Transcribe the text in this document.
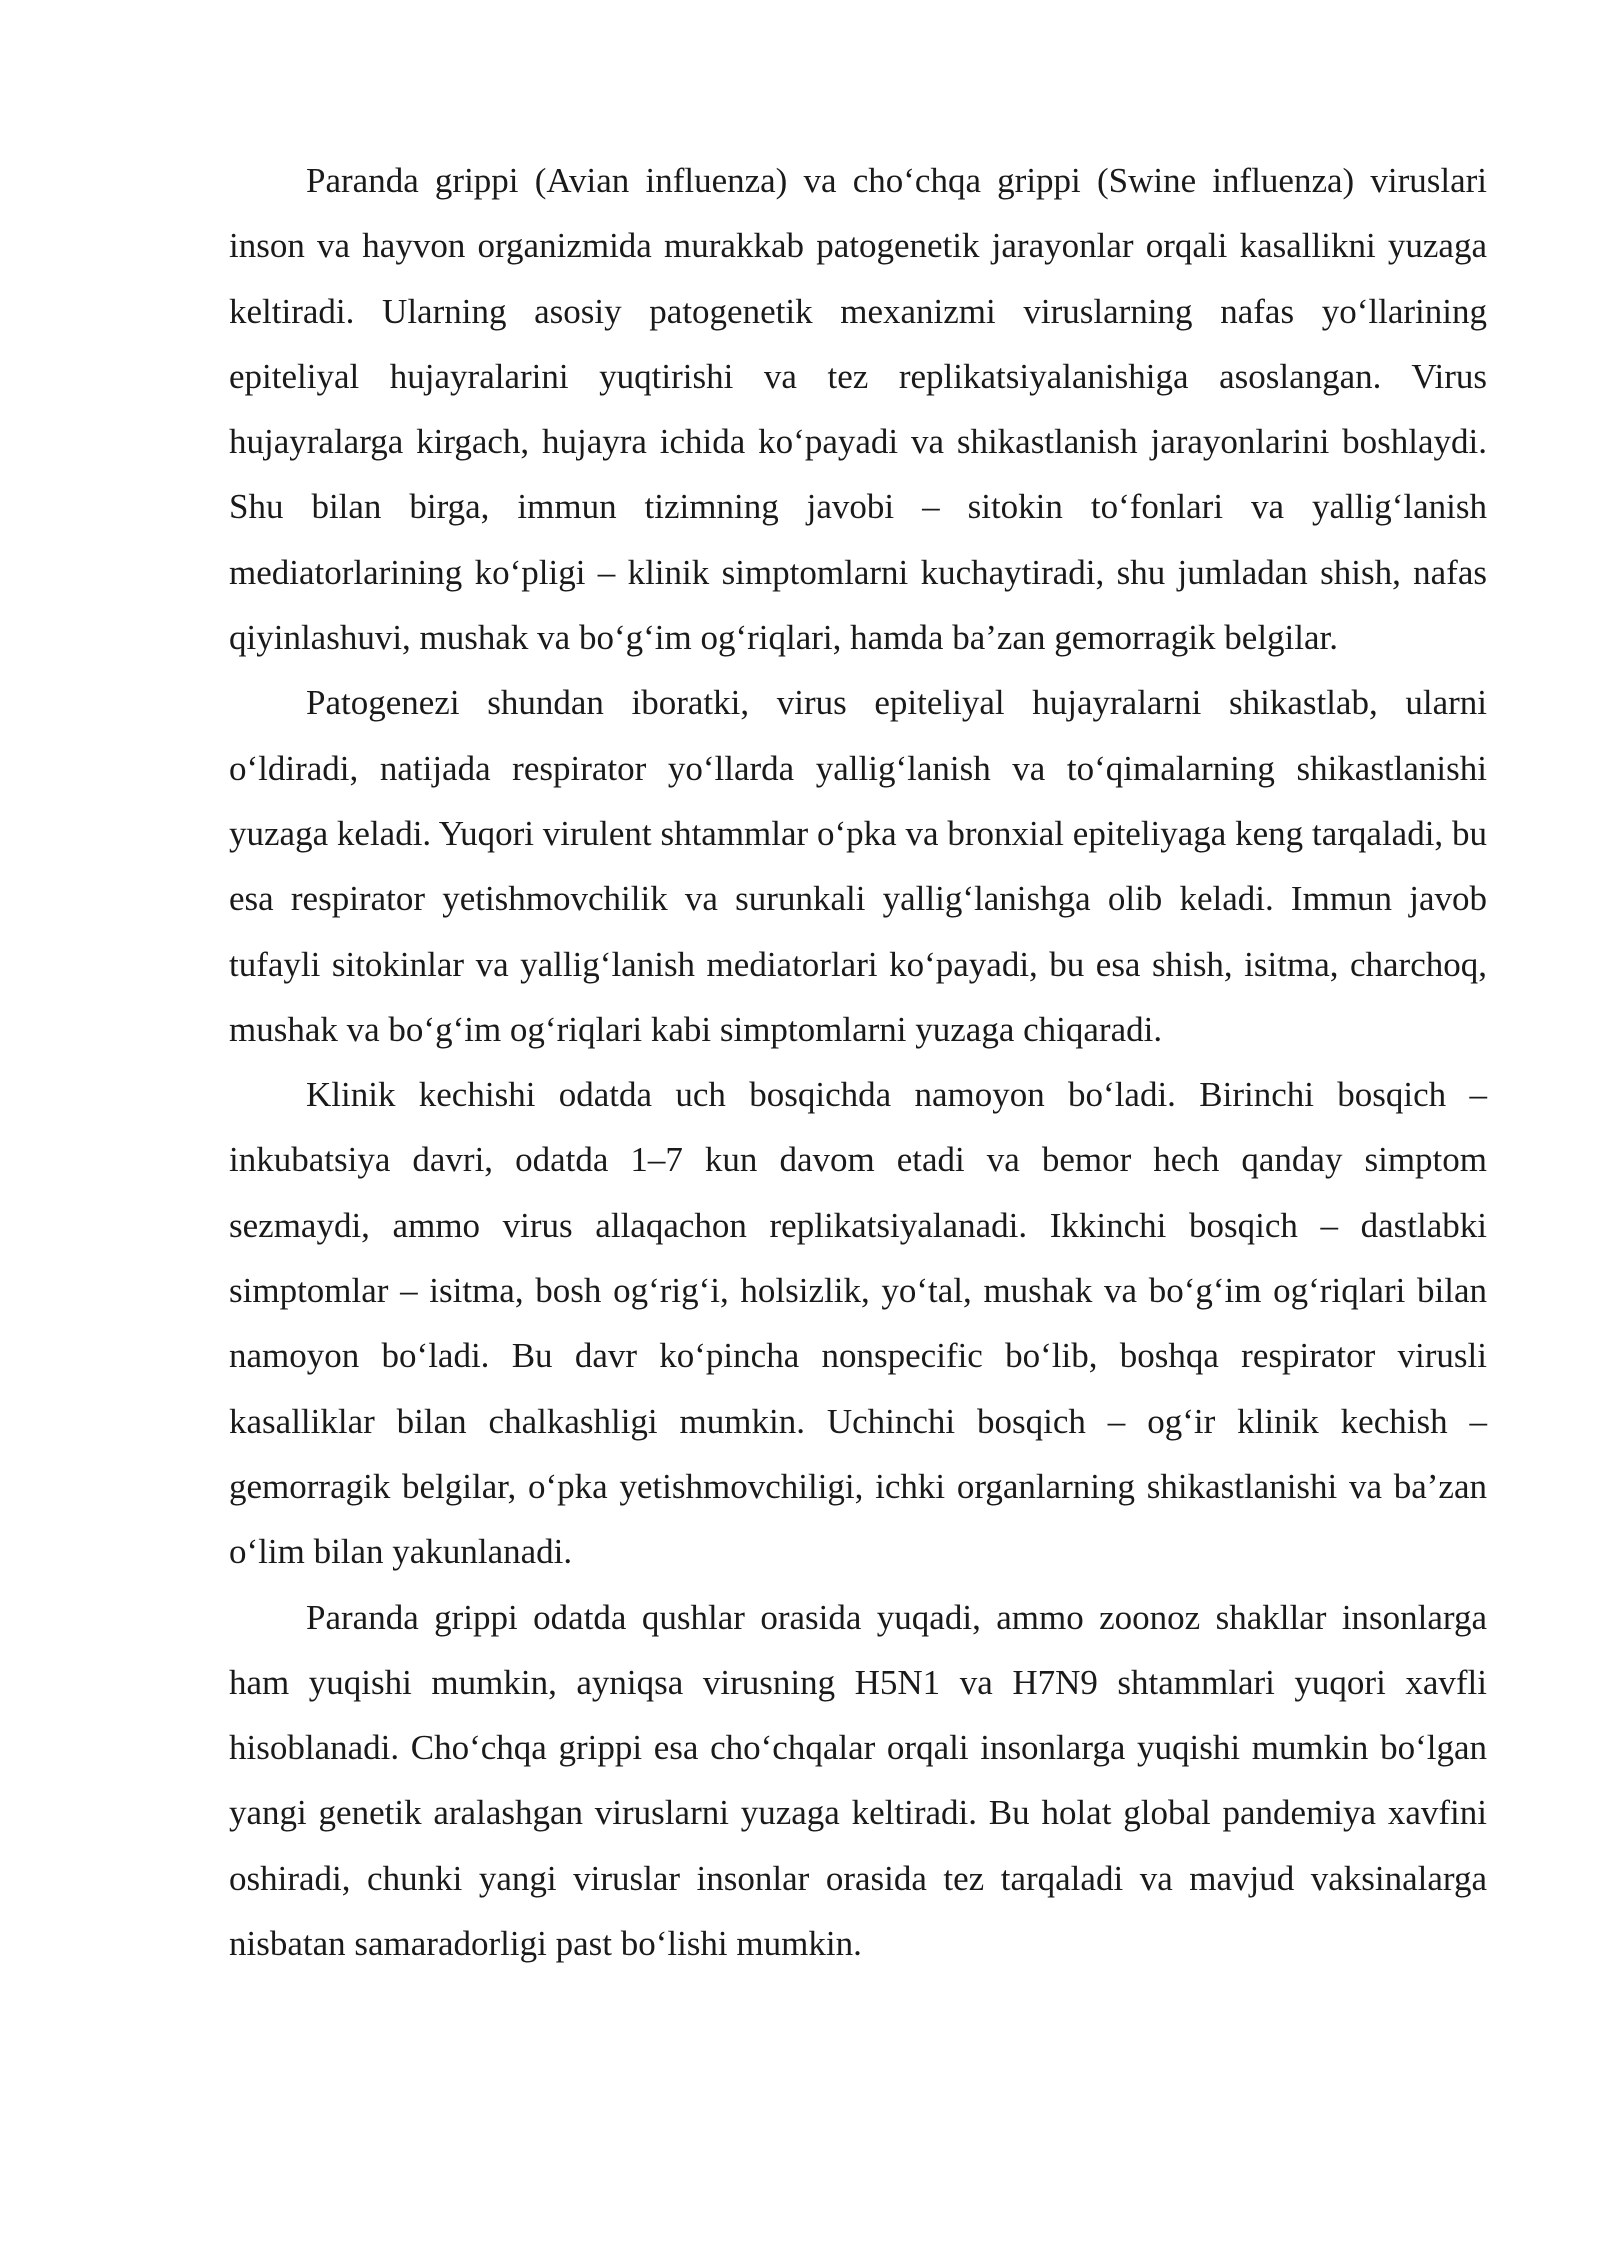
Paranda grippi (Avian influenza) va cho‘chqa grippi (Swine influenza) viruslari inson va hayvon organizmida murakkab patogenetik jarayonlar orqali kasallikni yuzaga keltiradi. Ularning asosiy patogenetik mexanizmi viruslarning nafas yo‘llarining epiteliyal hujayralarini yuqtirishi va tez replikatsiyalanishiga asoslangan. Virus hujayralarga kirgach, hujayra ichida ko‘payadi va shikastlanish jarayonlarini boshlaydi. Shu bilan birga, immun tizimning javobi – sitokin to‘fonlari va yallig‘lanish mediatorlarining ko‘pligi – klinik simptomlarni kuchaytiradi, shu jumladan shish, nafas qiyinlashuvi, mushak va bo‘g‘im og‘riqlari, hamda ba’zan gemorragik belgilar.

Patogenezi shundan iboratki, virus epiteliyal hujayralarni shikastlab, ularni o‘ldiradi, natijada respirator yo‘llarda yallig‘lanish va to‘qimalarning shikastlanishi yuzaga keladi. Yuqori virulent shtammlar o‘pka va bronxial epiteliyaga keng tarqaladi, bu esa respirator yetishmovchilik va surunkali yallig‘lanishga olib keladi. Immun javob tufayli sitokinlar va yallig‘lanish mediatorlari ko‘payadi, bu esa shish, isitma, charchoq, mushak va bo‘g‘im og‘riqlari kabi simptomlarni yuzaga chiqaradi.

Klinik kechishi odatda uch bosqichda namoyon bo‘ladi. Birinchi bosqich – inkubatsiya davri, odatda 1–7 kun davom etadi va bemor hech qanday simptom sezmaydi, ammo virus allaqachon replikatsiyalanadi. Ikkinchi bosqich – dastlabki simptomlar – isitma, bosh og‘rig‘i, holsizlik, yo‘tal, mushak va bo‘g‘im og‘riqlari bilan namoyon bo‘ladi. Bu davr ko‘pincha nonspecific bo‘lib, boshqa respirator virusli kasalliklar bilan chalkashligi mumkin. Uchinchi bosqich – og‘ir klinik kechish – gemorragik belgilar, o‘pka yetishmovchiligi, ichki organlarning shikastlanishi va ba’zan o‘lim bilan yakunlanadi.

Paranda grippi odatda qushlar orasida yuqadi, ammo zoonoz shakllar insonlarga ham yuqishi mumkin, ayniqsa virusning H5N1 va H7N9 shtammlari yuqori xavfli hisoblanadi. Cho‘chqa grippi esa cho‘chqalar orqali insonlarga yuqishi mumkin bo‘lgan yangi genetik aralashgan viruslarni yuzaga keltiradi. Bu holat global pandemiya xavfini oshiradi, chunki yangi viruslar insonlar orasida tez tarqaladi va mavjud vaksinalarga nisbatan samaradorligi past bo‘lishi mumkin.
